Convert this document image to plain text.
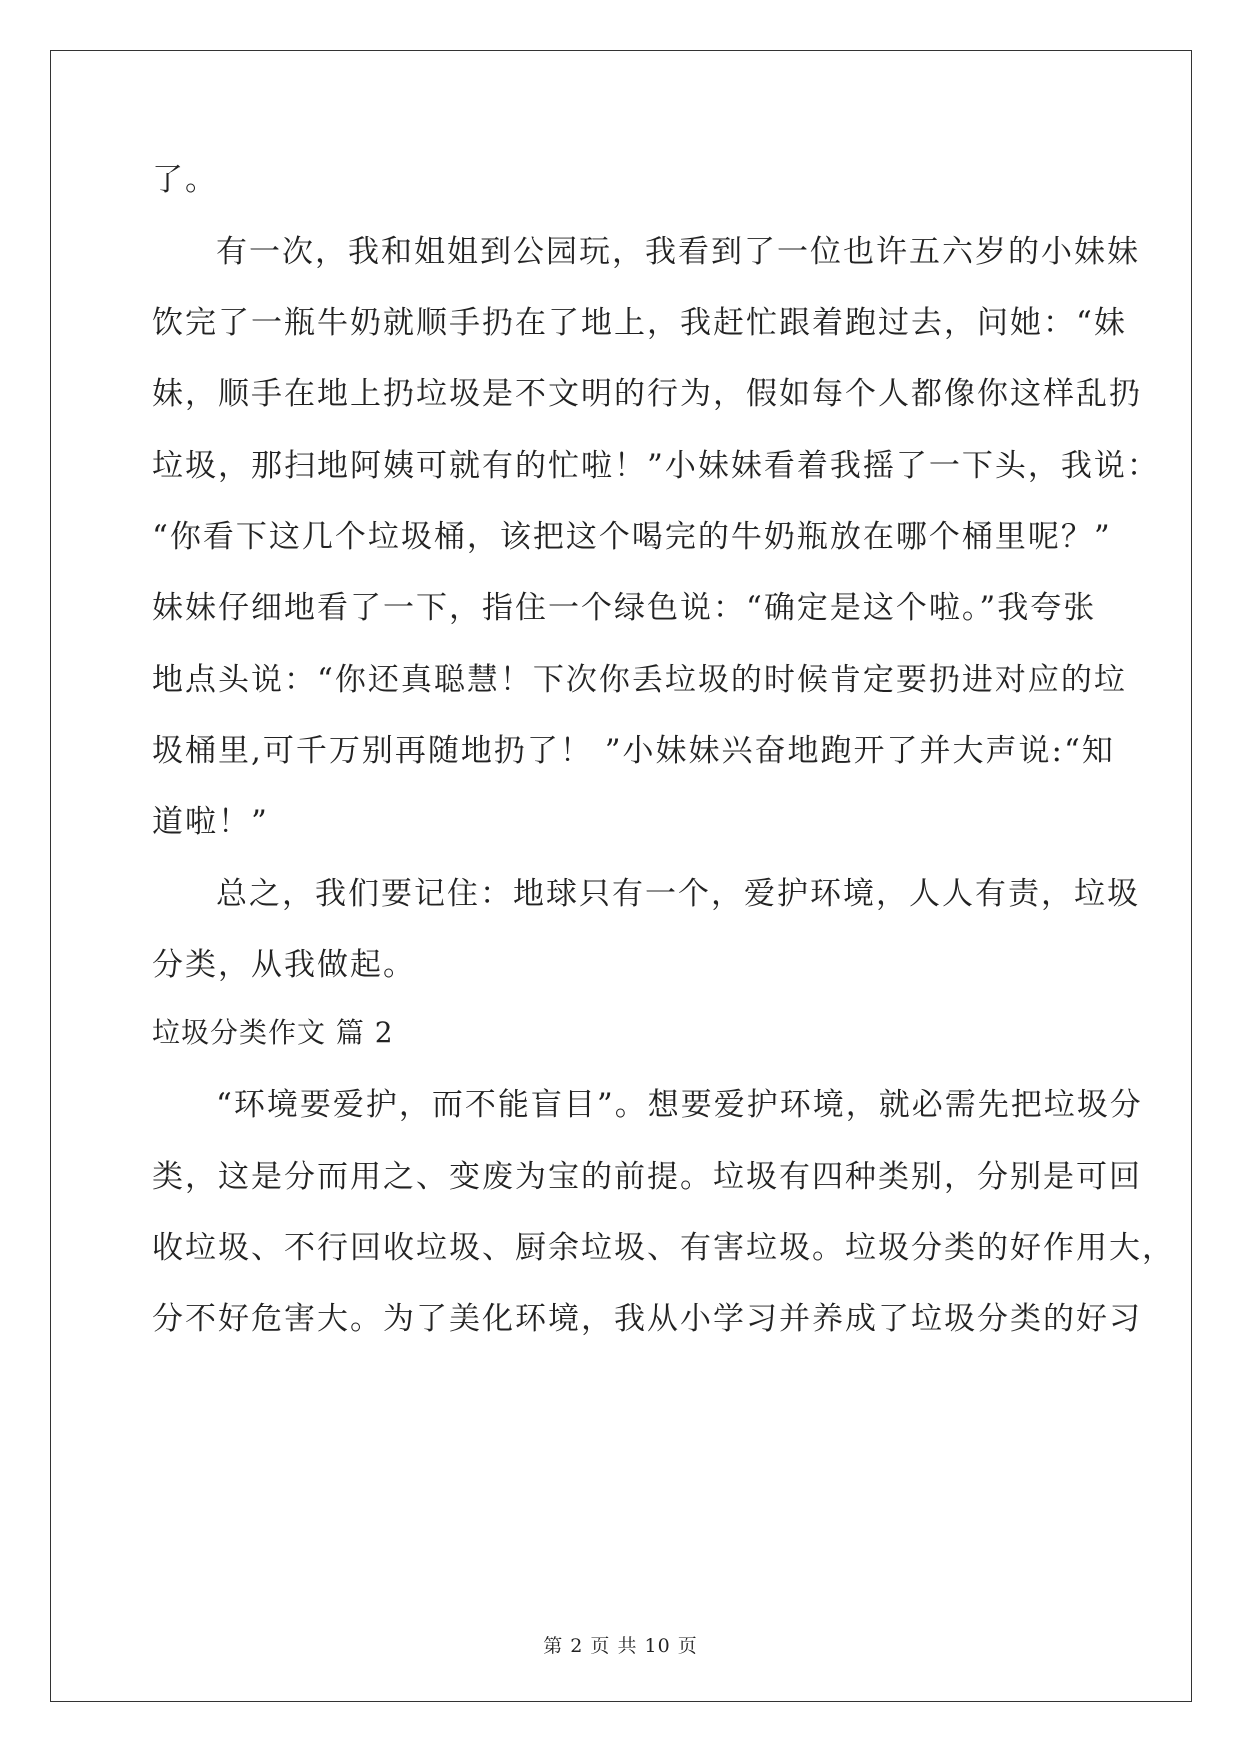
了。
有一次，我和姐姐到公园玩，我看到了一位也许五六岁的小妹妹
饮完了一瓶牛奶就顺手扔在了地上，我赶忙跟着跑过去，问她：“妹
妹，顺手在地上扔垃圾是不文明的行为，假如每个人都像你这样乱扔
垃圾，那扫地阿姨可就有的忙啦！”小妹妹看着我摇了一下头，我说：
“你看下这几个垃圾桶，该把这个喝完的牛奶瓶放在哪个桶里呢？”
妹妹仔细地看了一下，指住一个绿色说：“确定是这个啦。”我夸张
地点头说：“你还真聪慧！下次你丢垃圾的时候肯定要扔进对应的垃
圾桶里,可千万别再随地扔了！ ”小妹妹兴奋地跑开了并大声说:“知
道啦！”
总之，我们要记住：地球只有一个，爱护环境，人人有责，垃圾
分类，从我做起。
垃圾分类作文 篇 2
“环境要爱护，而不能盲目”。想要爱护环境，就必需先把垃圾分
类，这是分而用之、变废为宝的前提。垃圾有四种类别，分别是可回
收垃圾、不行回收垃圾、厨余垃圾、有害垃圾。垃圾分类的好作用大，
分不好危害大。为了美化环境，我从小学习并养成了垃圾分类的好习
第 2 页 共 10 页
